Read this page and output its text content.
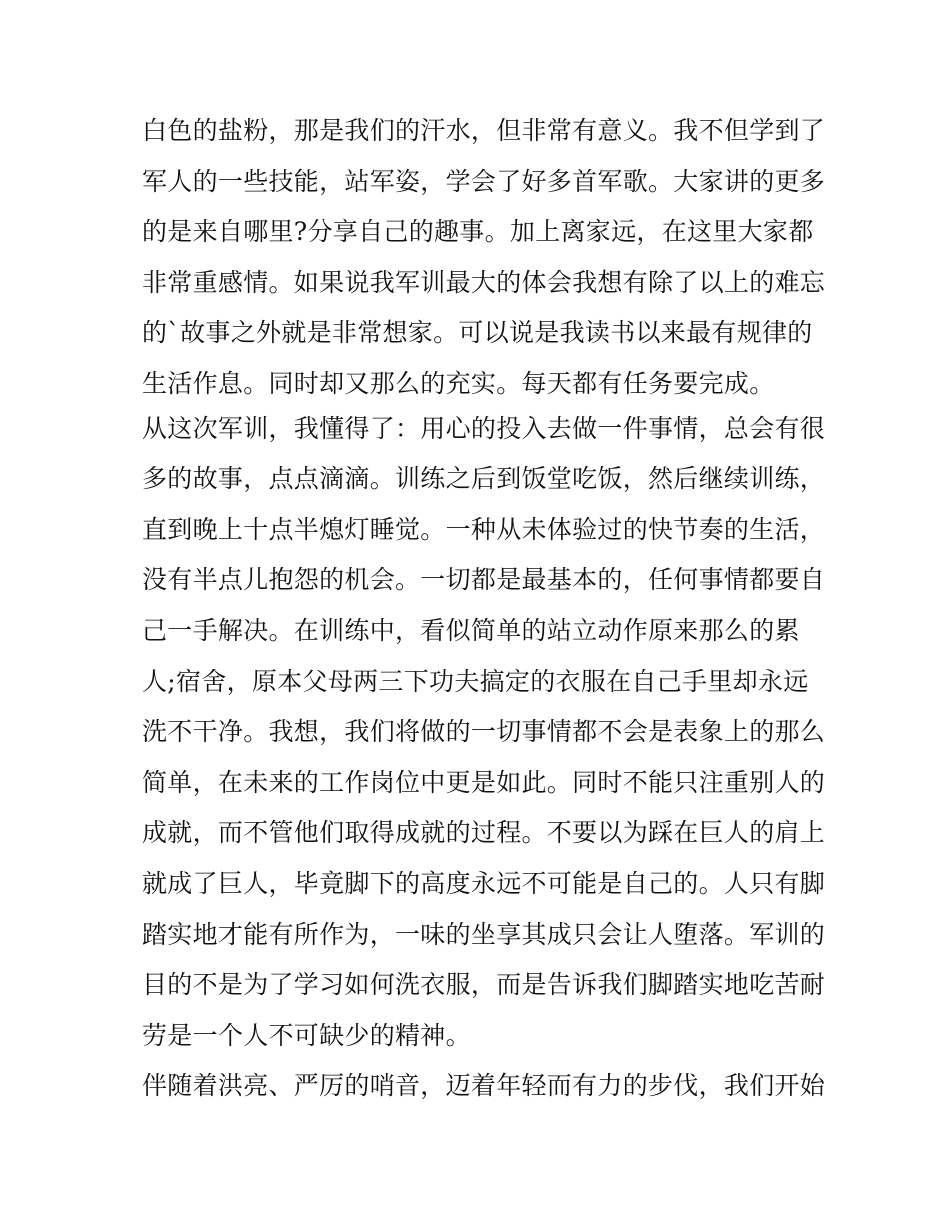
白色的盐粉，那是我们的汗水，但非常有意义。我不但学到了
军人的一些技能，站军姿，学会了好多首军歌。大家讲的更多
的是来自哪里?分享自己的趣事。加上离家远，在这里大家都
非常重感情。如果说我军训最大的体会我想有除了以上的难忘
的`故事之外就是非常想家。可以说是我读书以来最有规律的
生活作息。同时却又那么的充实。每天都有任务要完成。
从这次军训，我懂得了：用心的投入去做一件事情，总会有很
多的故事，点点滴滴。训练之后到饭堂吃饭，然后继续训练，
直到晚上十点半熄灯睡觉。一种从未体验过的快节奏的生活，
没有半点儿抱怨的机会。一切都是最基本的，任何事情都要自
己一手解决。在训练中，看似简单的站立动作原来那么的累
人;宿舍，原本父母两三下功夫搞定的衣服在自己手里却永远
洗不干净。我想，我们将做的一切事情都不会是表象上的那么
简单，在未来的工作岗位中更是如此。同时不能只注重别人的
成就，而不管他们取得成就的过程。不要以为踩在巨人的肩上
就成了巨人，毕竟脚下的高度永远不可能是自己的。人只有脚
踏实地才能有所作为，一味的坐享其成只会让人堕落。军训的
目的不是为了学习如何洗衣服，而是告诉我们脚踏实地吃苦耐
劳是一个人不可缺少的精神。
伴随着洪亮、严厉的哨音，迈着年轻而有力的步伐，我们开始
